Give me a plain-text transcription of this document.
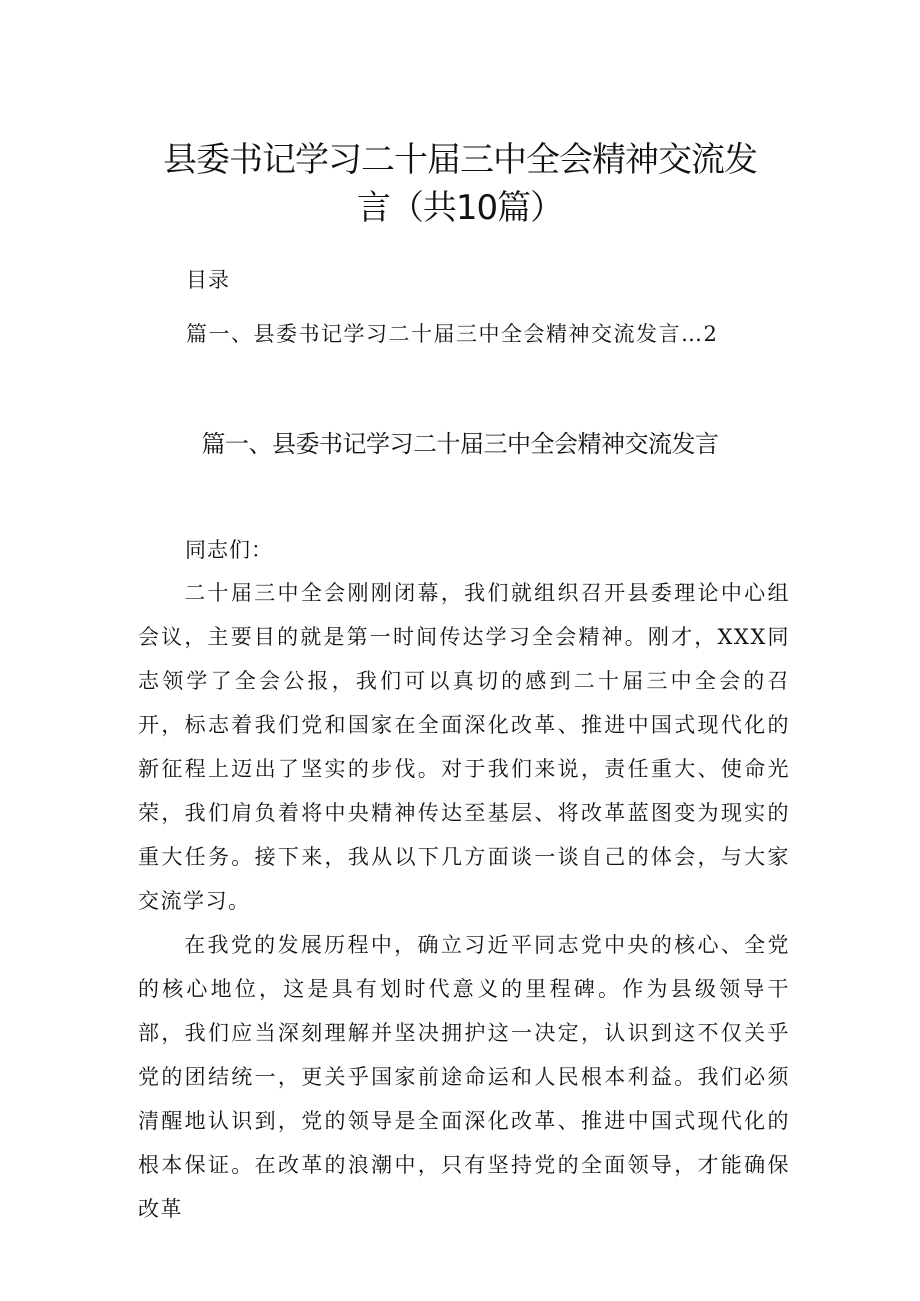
县委书记学习二十届三中全会精神交流发言（共10篇）
目录
篇一、县委书记学习二十届三中全会精神交流发言…2
篇一、县委书记学习二十届三中全会精神交流发言
同志们：

二十届三中全会刚刚闭幕，我们就组织召开县委理论中心组会议，主要目的就是第一时间传达学习全会精神。刚才，XXX同志领学了全会公报，我们可以真切的感到二十届三中全会的召开，标志着我们党和国家在全面深化改革、推进中国式现代化的新征程上迈出了坚实的步伐。对于我们来说，责任重大、使命光荣，我们肩负着将中央精神传达至基层、将改革蓝图变为现实的重大任务。接下来，我从以下几方面谈一谈自己的体会，与大家交流学习。

在我党的发展历程中，确立习近平同志党中央的核心、全党的核心地位，这是具有划时代意义的里程碑。作为县级领导干部，我们应当深刻理解并坚决拥护这一决定，认识到这不仅关乎党的团结统一，更关乎国家前途命运和人民根本利益。我们必须清醒地认识到，党的领导是全面深化改革、推进中国式现代化的根本保证。在改革的浪潮中，只有坚持党的全面领导，才能确保改革
